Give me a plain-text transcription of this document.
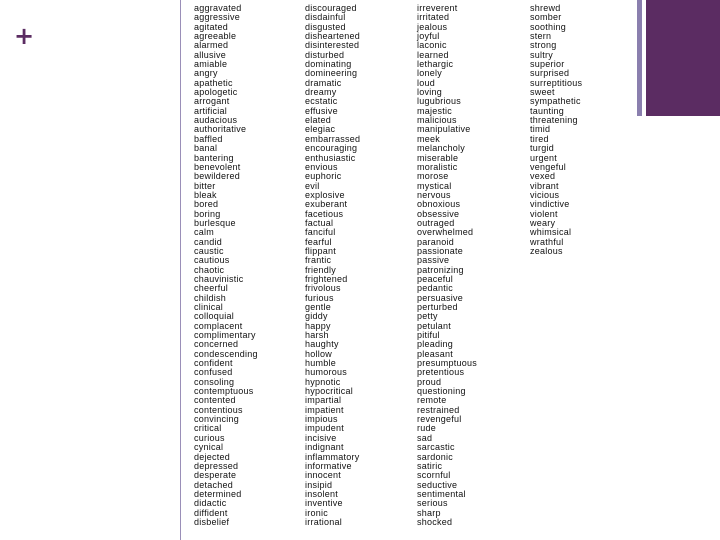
+
aggravated
aggressive
agitated
agreeable
alarmed
allusive
amiable
angry
apathetic
apologetic
arrogant
artificial
audacious
authoritative
baffled
banal
bantering
benevolent
bewildered
bitter
bleak
bored
boring
burlesque
calm
candid
caustic
cautious
chaotic
chauvinistic
cheerful
childish
clinical
colloquial
complacent
complimentary
concerned
condescending
confident
confused
consoling
contemptuous
contented
contentious
convincing
critical
curious
cynical
dejected
depressed
desperate
detached
determined
didactic
diffident
disbelief
discouraged
disdainful
disgusted
disheartened
disinterested
disturbed
dominating
domineering
dramatic
dreamy
ecstatic
effusive
elated
elegiac
embarrassed
encouraging
enthusiastic
envious
euphoric
evil
explosive
exuberant
facetious
factual
fanciful
fearful
flippant
frantic
friendly
frightened
frivolous
furious
gentle
giddy
happy
harsh
haughty
hollow
humble
humorous
hypnotic
hypocritical
impartial
impatient
impious
impudent
incisive
indignant
inflammatory
informative
innocent
insipid
insolent
inventive
ironic
irrational
irreverent
irritated
jealous
joyful
laconic
learned
lethargic
lonely
loud
loving
lugubrious
majestic
malicious
manipulative
meek
melancholy
miserable
moralistic
morose
mystical
nervous
obnoxious
obsessive
outraged
overwhelmed
paranoid
passionate
passive
patronizing
peaceful
pedantic
persuasive
perturbed
petty
petulant
pitiful
pleading
pleasant
presumptuous
pretentious
proud
questioning
remote
restrained
revengeful
rude
sad
sarcastic
sardonic
satiric
scornful
seductive
sentimental
serious
sharp
shocked
shrewd
somber
soothing
stern
strong
sultry
superior
surprised
surreptitious
sweet
sympathetic
taunting
threatening
timid
tired
turgid
urgent
vengeful
vexed
vibrant
vicious
vindictive
violent
weary
whimsical
wrathful
zealous
